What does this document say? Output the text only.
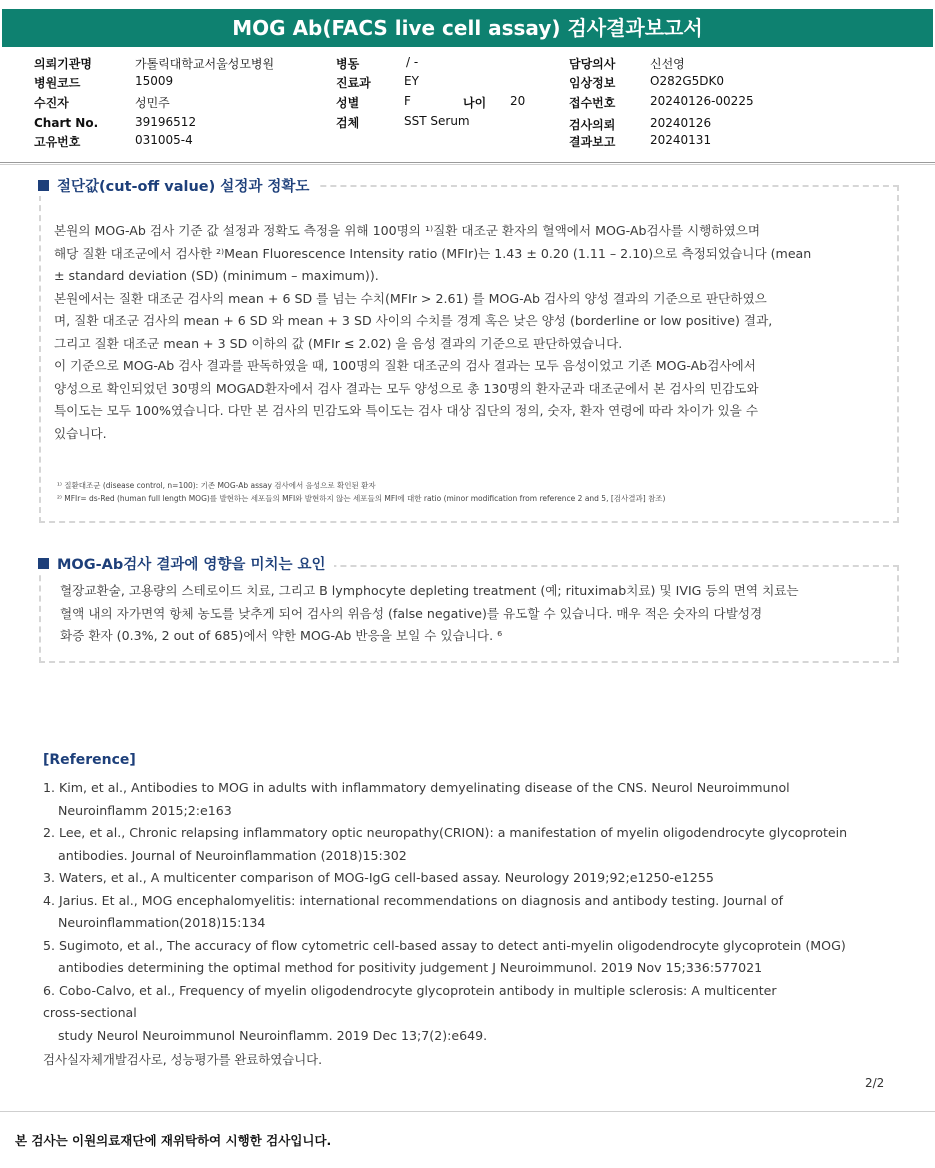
MOG Ab(FACS live cell assay) 검사결과보고서
의뢰기관명	가톨릭대학교서울성모병원
병원코드	15009
수진자	성민주
Chart No.	39196512
고유번호	031005-4
병동	/ -
진료과	EY
성별	F	나이 20
검체	SST Serum
담당의사	신선영
임상정보	O282G5DK0
접수번호	20240126-00225
검사의뢰	20240126
결과보고	20240131
절단값(cut-off value) 설정과 정확도

본원의 MOG-Ab 검사 기준 값 설정과 정확도 측정을 위해 100명의 ¹⁾질환 대조군 환자의 혈액에서 MOG-Ab검사를 시행하였으며

해당 질환 대조군에서 검사한 ²⁾Mean Fluorescence Intensity ratio (MFIr)는 1.43 ± 0.20 (1.11 – 2.10)으로 측정되었습니다 (mean

± standard deviation (SD) (minimum – maximum)).

본원에서는 질환 대조군 검사의 mean + 6 SD 를 넘는 수치(MFIr > 2.61) 를 MOG-Ab 검사의 양성 결과의 기준으로 판단하였으

며, 질환 대조군 검사의 mean + 6 SD 와 mean + 3 SD 사이의 수치를 경계 혹은 낮은 양성 (borderline or low positive) 결과,

그리고 질환 대조군 mean + 3 SD 이하의 값 (MFIr ≤ 2.02) 을 음성 결과의 기준으로 판단하였습니다.

이 기준으로 MOG-Ab 검사 결과를 판독하였을 때, 100명의 질환 대조군의 검사 결과는 모두 음성이었고 기존 MOG-Ab검사에서

양성으로 확인되었던 30명의 MOGAD환자에서 검사 결과는 모두 양성으로 총 130명의 환자군과 대조군에서 본 검사의 민감도와

특이도는 모두 100%였습니다. 다만 본 검사의 민감도와 특이도는 검사 대상 집단의 정의, 숫자, 환자 연령에 따라 차이가 있을 수

있습니다.

¹⁾ 질환대조군 (disease control, n=100): 기존 MOG-Ab assay 검사에서 음성으로 확인된 환자
²⁾ MFIr= ds-Red (human full length MOG)를 발현하는 세포들의 MFI와 발현하지 않는 세포들의 MFI에 대한 ratio (minor modification from reference 2 and 5, [검사결과] 참조)
MOG-Ab검사 결과에 영향을 미치는 요인

혈장교환술, 고용량의 스테로이드 치료, 그리고 B lymphocyte depleting treatment (예; rituximab치료) 및 IVIG 등의 면역 치료는

혈액 내의 자가면역 항체 농도를 낮추게 되어 검사의 위음성 (false negative)를 유도할 수 있습니다. 매우 적은 숫자의 다발성경

화증 환자 (0.3%, 2 out of 685)에서 약한 MOG-Ab 반응을 보일 수 있습니다. ⁶

[Reference]
1. Kim, et al., Antibodies to MOG in adults with inflammatory demyelinating disease of the CNS. Neurol Neuroimmunol
Neuroinflamm 2015;2:e163
2. Lee, et al., Chronic relapsing inflammatory optic neuropathy(CRION): a manifestation of myelin oligodendrocyte glycoprotein
antibodies. Journal of Neuroinflammation (2018)15:302
3. Waters, et al., A multicenter comparison of MOG-IgG cell-based assay. Neurology 2019;92;e1250-e1255
4. Jarius. Et al., MOG encephalomyelitis: international recommendations on diagnosis and antibody testing. Journal of
Neuroinflammation(2018)15:134
5. Sugimoto, et al., The accuracy of flow cytometric cell-based assay to detect anti-myelin oligodendrocyte glycoprotein (MOG)
antibodies determining the optimal method for positivity judgement J Neuroimmunol. 2019 Nov 15;336:577021
6. Cobo-Calvo, et al., Frequency of myelin oligodendrocyte glycoprotein antibody in multiple sclerosis: A multicenter
cross-sectional
study Neurol Neuroimmunol Neuroinflamm. 2019 Dec 13;7(2):e649.
검사실자체개발검사로, 성능평가를 완료하였습니다.
2/2
본 검사는 이원의료재단에 재위탁하여 시행한 검사입니다.
